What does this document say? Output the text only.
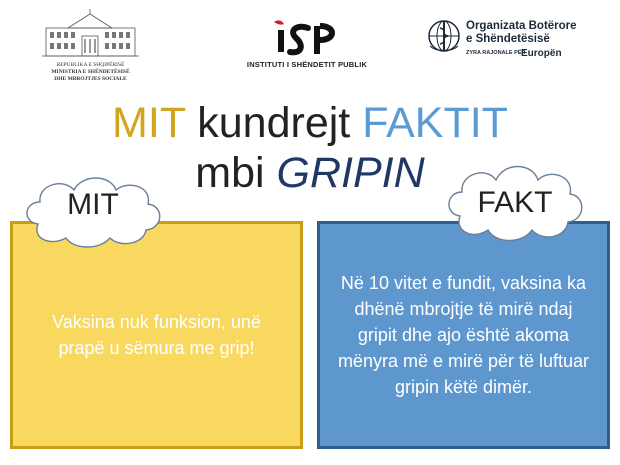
REPUBLIKA E SHQIPËRISË
MINISTRIA E SHËNDETËSISË
DHE MBROJTJES SOCIALE
INSTITUTI I SHËNDETIT PUBLIK
Organizata Botërore
e Shëndetësisë
ZYRA RAJONALE PËR
Europën
MIT kundrejt FAKTIT
mbi GRIPIN
Vaksina nuk funksion, unë prapë u sëmura me grip!
Në 10 vitet e fundit, vaksina ka dhënë mbrojtje të mirë ndaj gripit dhe ajo është akoma mënyra më e mirë për të luftuar gripin këtë dimër.
MIT	FAKT
